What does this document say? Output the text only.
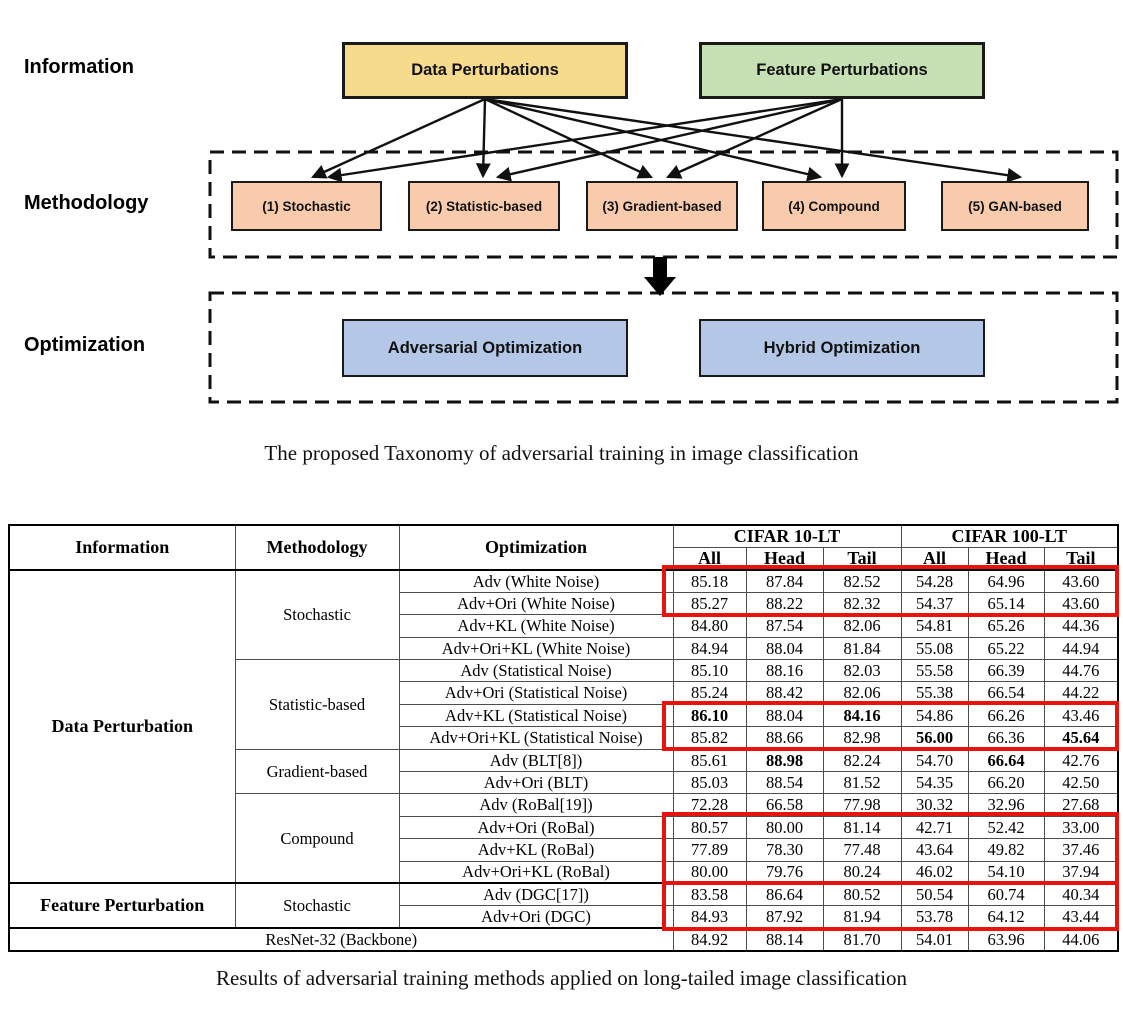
Information
Methodology
Optimization
Data Perturbations	Feature Perturbations
(1) Stochastic	(2) Statistic-based	(3) Gradient-based	(4) Compound	(5) GAN-based
Adversarial Optimization	Hybrid Optimization
The proposed Taxonomy of adversarial training in image classification
Results of adversarial training methods applied on long-tailed image classification
Information	Methodology	Optimization	CIFAR 10-LT			CIFAR 100-LT		
			All	Head	Tail	All	Head	Tail
Data Perturbation	Stochastic	Adv (White Noise)	85.18	87.84	82.52	54.28	64.96	43.60
		Adv+Ori (White Noise)	85.27	88.22	82.32	54.37	65.14	43.60
		Adv+KL (White Noise)	84.80	87.54	82.06	54.81	65.26	44.36
		Adv+Ori+KL (White Noise)	84.94	88.04	81.84	55.08	65.22	44.94
	Statistic-based	Adv (Statistical Noise)	85.10	88.16	82.03	55.58	66.39	44.76
		Adv+Ori (Statistical Noise)	85.24	88.42	82.06	55.38	66.54	44.22
		Adv+KL (Statistical Noise)	86.10	88.04	84.16	54.86	66.26	43.46
		Adv+Ori+KL (Statistical Noise)	85.82	88.66	82.98	56.00	66.36	45.64
	Gradient-based	Adv (BLT[8])	85.61	88.98	82.24	54.70	66.64	42.76
		Adv+Ori (BLT)	85.03	88.54	81.52	54.35	66.20	42.50
	Compound	Adv (RoBal[19])	72.28	66.58	77.98	30.32	32.96	27.68
		Adv+Ori (RoBal)	80.57	80.00	81.14	42.71	52.42	33.00
		Adv+KL (RoBal)	77.89	78.30	77.48	43.64	49.82	37.46
		Adv+Ori+KL (RoBal)	80.00	79.76	80.24	46.02	54.10	37.94
Feature Perturbation	Stochastic	Adv (DGC[17])	83.58	86.64	80.52	50.54	60.74	40.34
		Adv+Ori (DGC)	84.93	87.92	81.94	53.78	64.12	43.44
ResNet-32 (Backbone)			84.92	88.14	81.70	54.01	63.96	44.06
